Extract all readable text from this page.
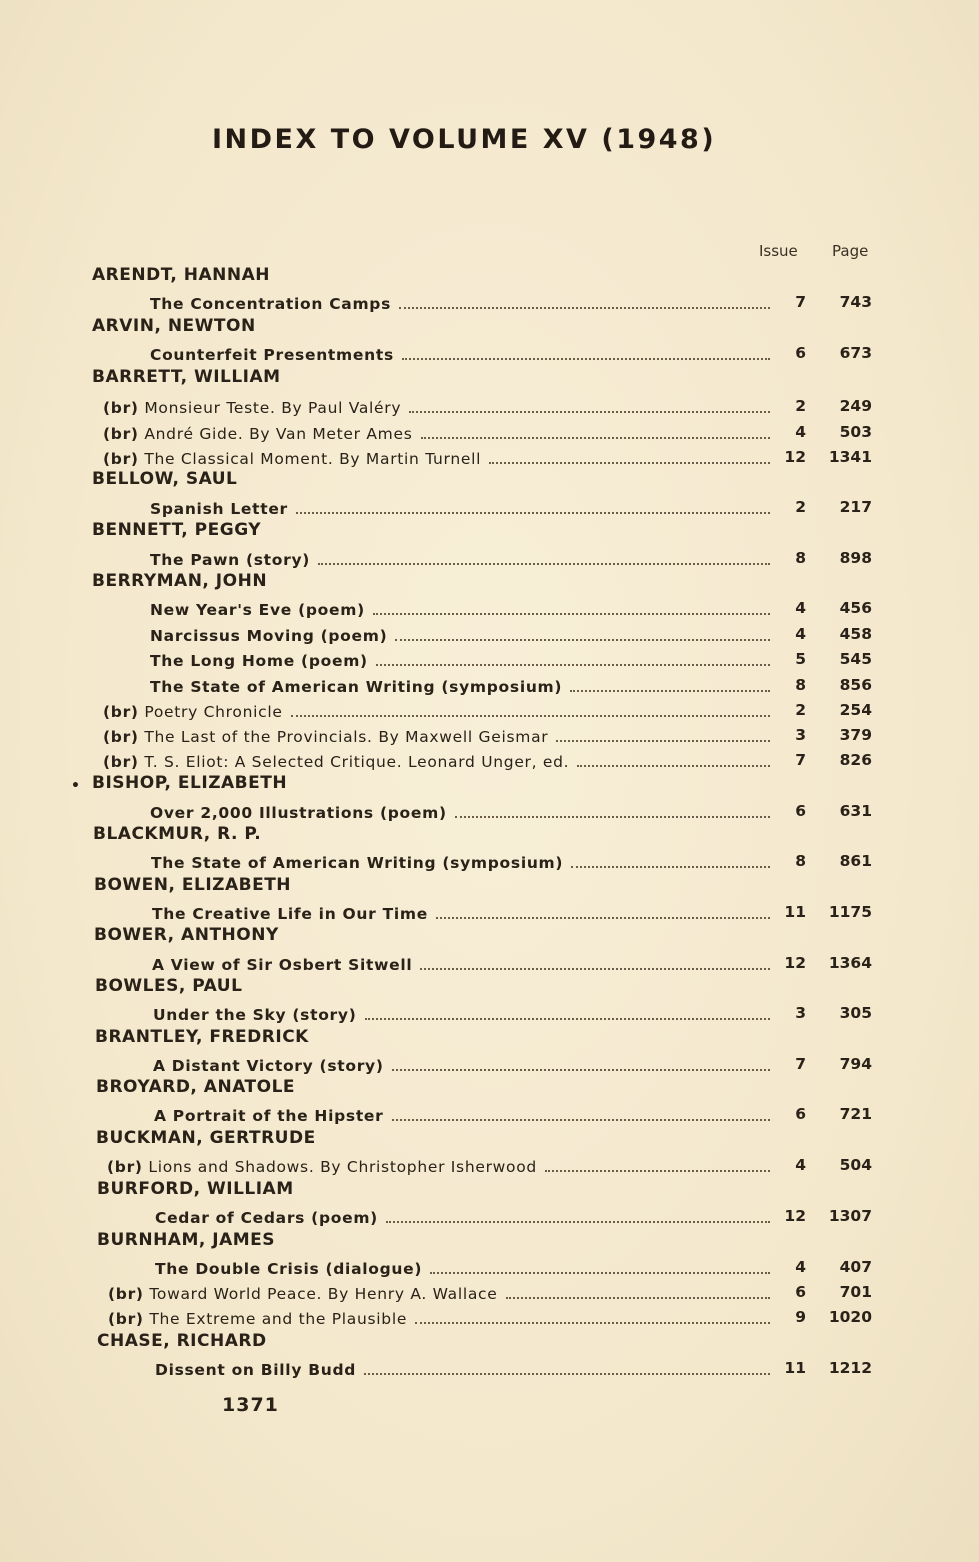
INDEX TO VOLUME XV (1948)
Issue Page
•
ARENDT, HANNAH
The Concentration Camps	7	743
ARVIN, NEWTON
Counterfeit Presentments	6	673
BARRETT, WILLIAM
(br) Monsieur Teste. By Paul Valéry	2	249
(br) André Gide. By Van Meter Ames	4	503
(br) The Classical Moment. By Martin Turnell	12	1341
BELLOW, SAUL
Spanish Letter	2	217
BENNETT, PEGGY
The Pawn (story)	8	898
BERRYMAN, JOHN
New Year's Eve (poem)	4	456
Narcissus Moving (poem)	4	458
The Long Home (poem)	5	545
The State of American Writing (symposium)	8	856
(br) Poetry Chronicle	2	254
(br) The Last of the Provincials. By Maxwell Geismar	3	379
(br) T. S. Eliot: A Selected Critique. Leonard Unger, ed.	7	826
BISHOP, ELIZABETH
Over 2,000 Illustrations (poem)	6	631
BLACKMUR, R. P.
The State of American Writing (symposium)	8	861
BOWEN, ELIZABETH
The Creative Life in Our Time	11	1175
BOWER, ANTHONY
A View of Sir Osbert Sitwell	12	1364
BOWLES, PAUL
Under the Sky (story)	3	305
BRANTLEY, FREDRICK
A Distant Victory (story)	7	794
BROYARD, ANATOLE
A Portrait of the Hipster	6	721
BUCKMAN, GERTRUDE
(br) Lions and Shadows. By Christopher Isherwood	4	504
BURFORD, WILLIAM
Cedar of Cedars (poem)	12	1307
BURNHAM, JAMES
The Double Crisis (dialogue)	4	407
(br) Toward World Peace. By Henry A. Wallace	6	701
(br) The Extreme and the Plausible	9	1020
CHASE, RICHARD
Dissent on Billy Budd	11	1212
1371
